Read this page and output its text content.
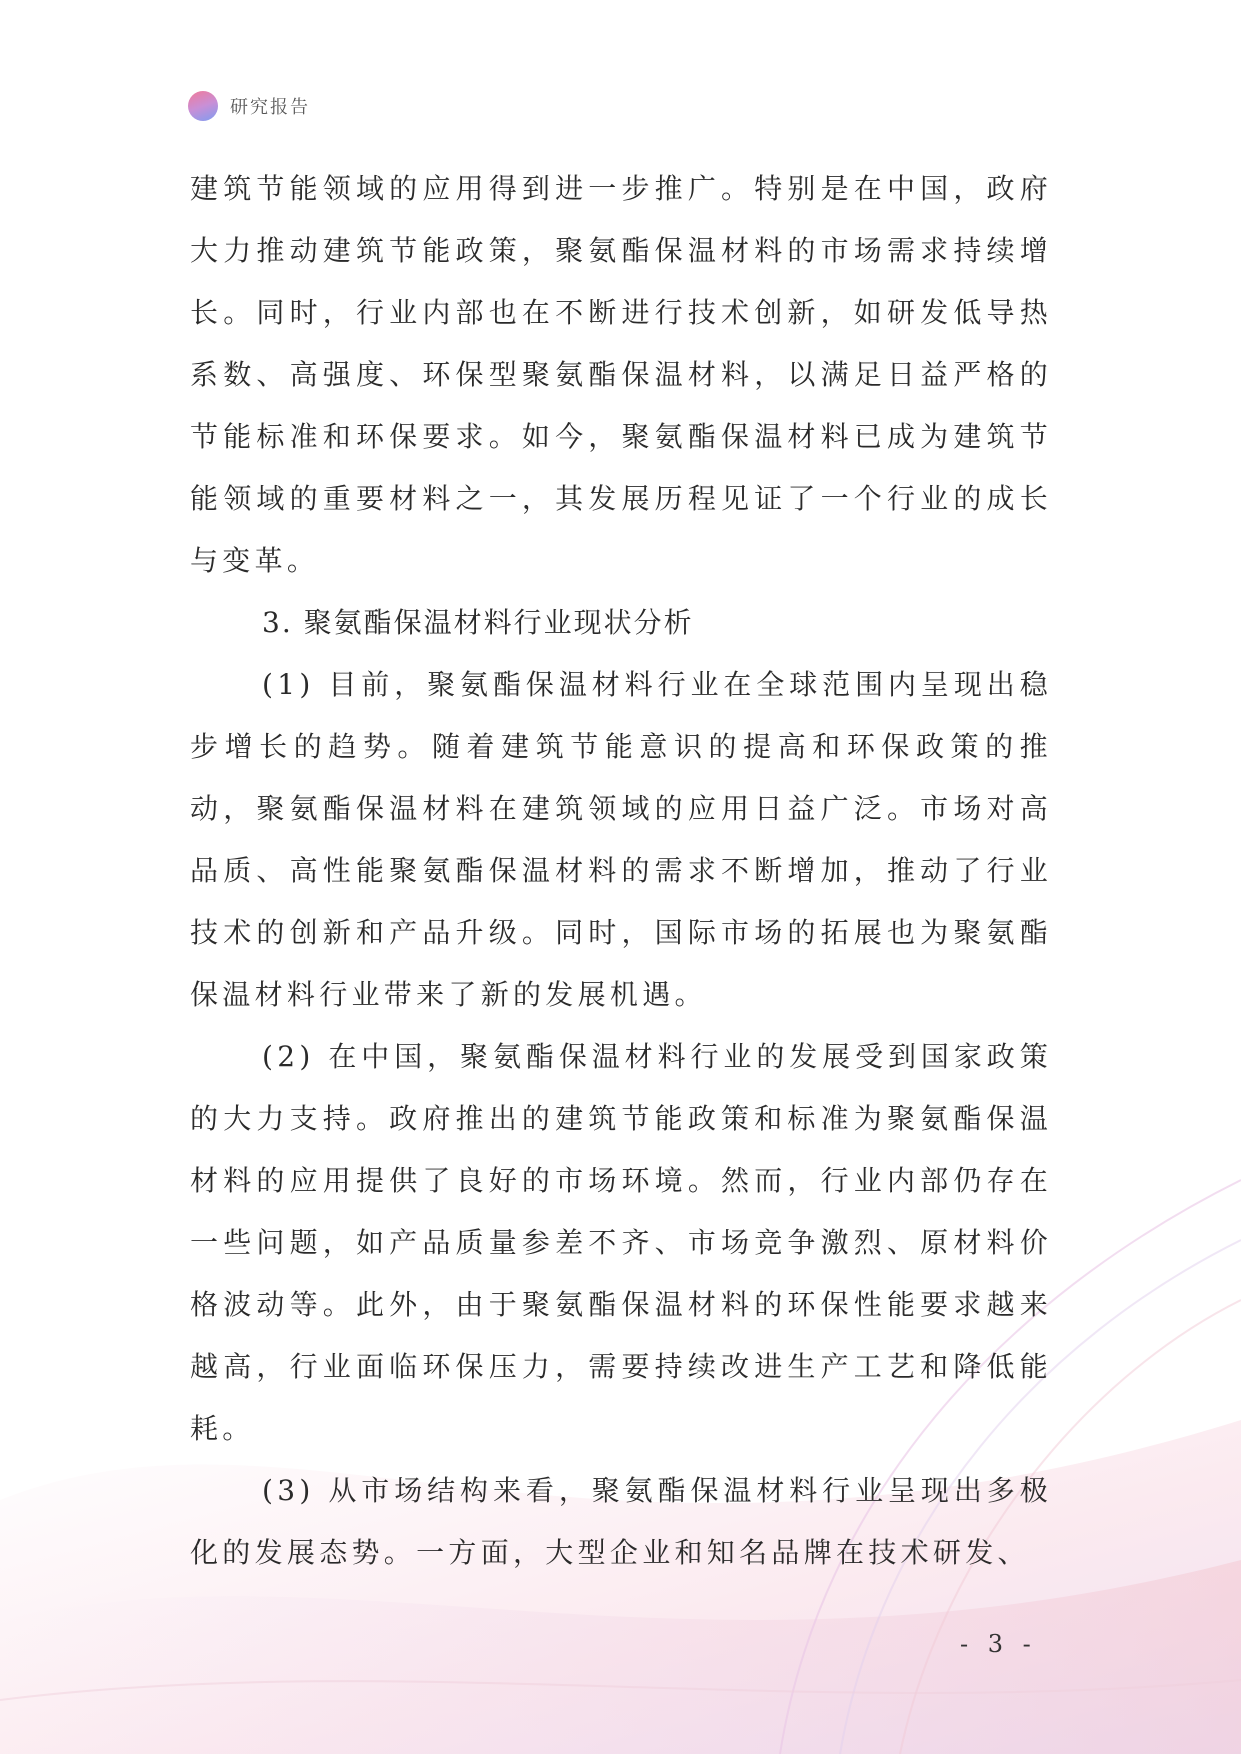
研究报告

建筑节能领域的应用得到进一步推广。特别是在中国，政府大力推动建筑节能政策，聚氨酯保温材料的市场需求持续增长。同时，行业内部也在不断进行技术创新，如研发低导热系数、高强度、环保型聚氨酯保温材料，以满足日益严格的节能标准和环保要求。如今，聚氨酯保温材料已成为建筑节能领域的重要材料之一，其发展历程见证了一个行业的成长与变革。

3. 聚氨酯保温材料行业现状分析

(1) 目前，聚氨酯保温材料行业在全球范围内呈现出稳步增长的趋势。随着建筑节能意识的提高和环保政策的推动，聚氨酯保温材料在建筑领域的应用日益广泛。市场对高品质、高性能聚氨酯保温材料的需求不断增加，推动了行业技术的创新和产品升级。同时，国际市场的拓展也为聚氨酯保温材料行业带来了新的发展机遇。

(2) 在中国，聚氨酯保温材料行业的发展受到国家政策的大力支持。政府推出的建筑节能政策和标准为聚氨酯保温材料的应用提供了良好的市场环境。然而，行业内部仍存在一些问题，如产品质量参差不齐、市场竞争激烈、原材料价格波动等。此外，由于聚氨酯保温材料的环保性能要求越来越高，行业面临环保压力，需要持续改进生产工艺和降低能耗。

(3) 从市场结构来看，聚氨酯保温材料行业呈现出多极化的发展态势。一方面，大型企业和知名品牌在技术研发、

- 3 -
